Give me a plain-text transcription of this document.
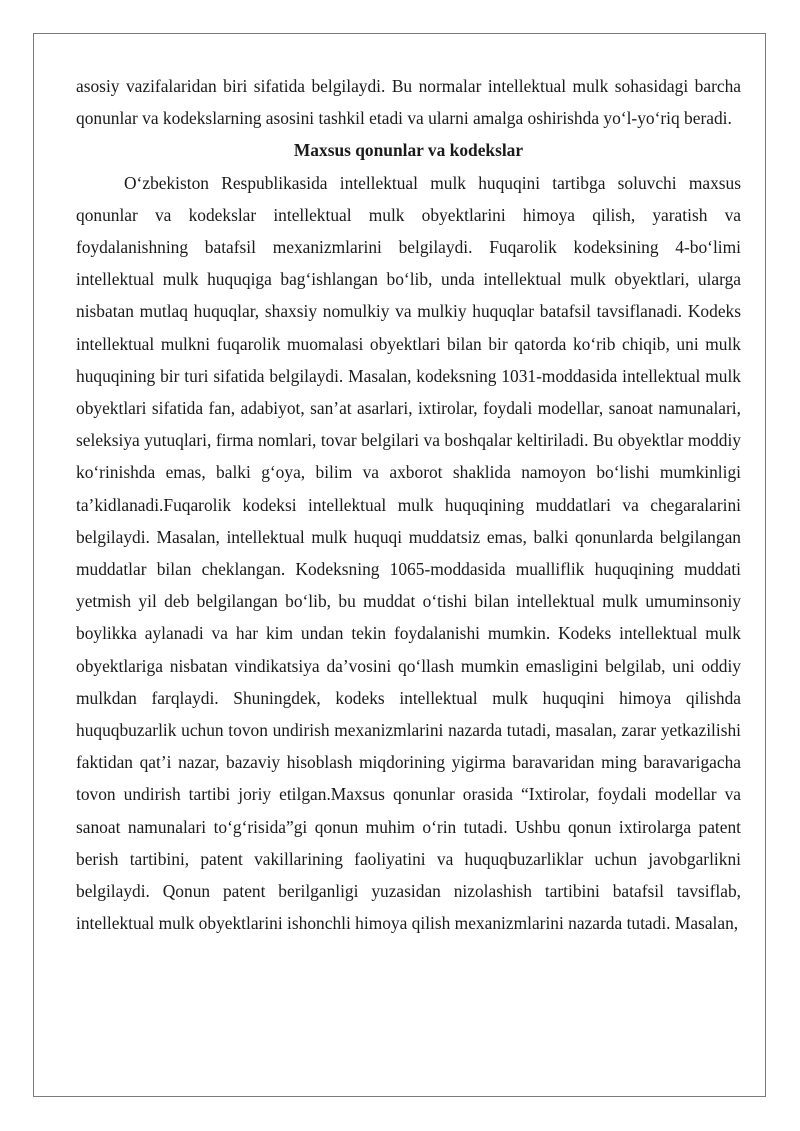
asosiy vazifalaridan biri sifatida belgilaydi. Bu normalar intellektual mulk sohasidagi barcha qonunlar va kodekslarning asosini tashkil etadi va ularni amalga oshirishda yo‘l-yo‘riq beradi.

Maxsus qonunlar va kodekslar

O‘zbekiston Respublikasida intellektual mulk huquqini tartibga soluvchi maxsus qonunlar va kodekslar intellektual mulk obyektlarini himoya qilish, yaratish va foydalanishning batafsil mexanizmlarini belgilaydi. Fuqarolik kodeksining 4-bo‘limi intellektual mulk huquqiga bag‘ishlangan bo‘lib, unda intellektual mulk obyektlari, ularga nisbatan mutlaq huquqlar, shaxsiy nomulkiy va mulkiy huquqlar batafsil tavsiflanadi. Kodeks intellektual mulkni fuqarolik muomalasi obyektlari bilan bir qatorda ko‘rib chiqib, uni mulk huquqining bir turi sifatida belgilaydi. Masalan, kodeksning 1031-moddasida intellektual mulk obyektlari sifatida fan, adabiyot, san’at asarlari, ixtirolar, foydali modellar, sanoat namunalari, seleksiya yutuqlari, firma nomlari, tovar belgilari va boshqalar keltiriladi. Bu obyektlar moddiy ko‘rinishda emas, balki g‘oya, bilim va axborot shaklida namoyon bo‘lishi mumkinligi ta’kidlanadi.Fuqarolik kodeksi intellektual mulk huquqining muddatlari va chegaralarini belgilaydi. Masalan, intellektual mulk huquqi muddatsiz emas, balki qonunlarda belgilangan muddatlar bilan cheklangan. Kodeksning 1065-moddasida mualliflik huquqining muddati yetmish yil deb belgilangan bo‘lib, bu muddat o‘tishi bilan intellektual mulk umuminsoniy boylikka aylanadi va har kim undan tekin foydalanishi mumkin. Kodeks intellektual mulk obyektlariga nisbatan vindikatsiya da’vosini qo‘llash mumkin emasligini belgilab, uni oddiy mulkdan farqlaydi. Shuningdek, kodeks intellektual mulk huquqini himoya qilishda huquqbuzarlik uchun tovon undirish mexanizmlarini nazarda tutadi, masalan, zarar yetkazilishi faktidan qat’i nazar, bazaviy hisoblash miqdorining yigirma baravaridan ming baravarigacha tovon undirish tartibi joriy etilgan.Maxsus qonunlar orasida “Ixtirolar, foydali modellar va sanoat namunalari to‘g‘risida”gi qonun muhim o‘rin tutadi. Ushbu qonun ixtirolarga patent berish tartibini, patent vakillarining faoliyatini va huquqbuzarliklar uchun javobgarlikni belgilaydi. Qonun patent berilganligi yuzasidan nizolashish tartibini batafsil tavsiflab, intellektual mulk obyektlarini ishonchli himoya qilish mexanizmlarini nazarda tutadi. Masalan,
